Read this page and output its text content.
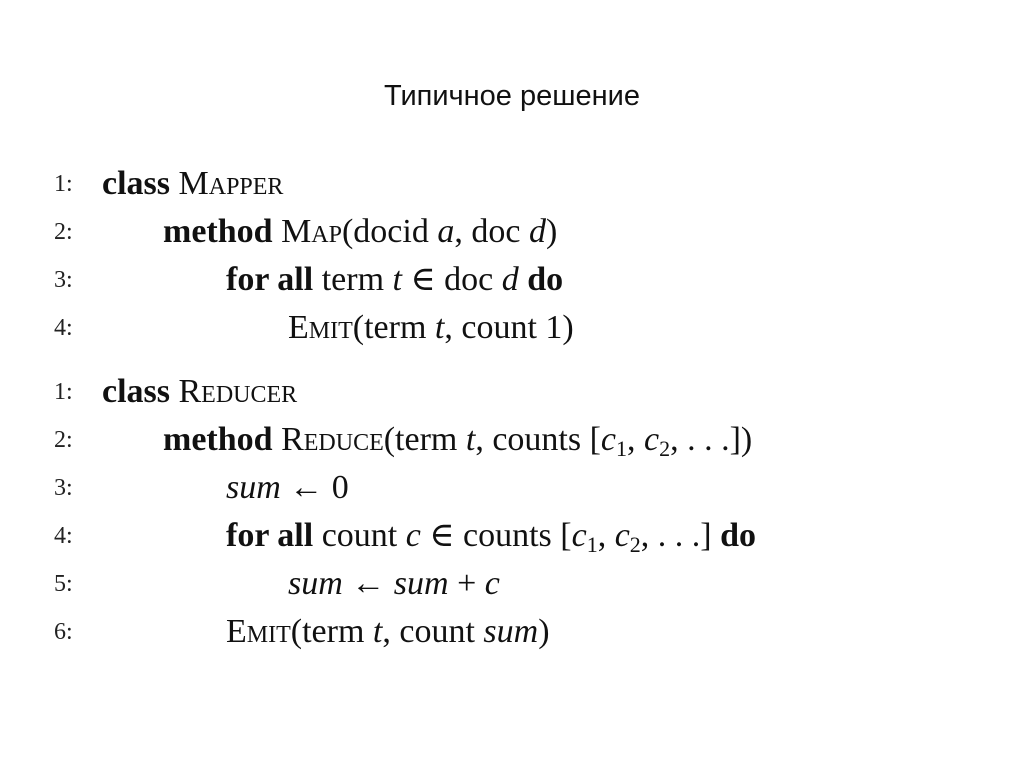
Типичное решение
1: class Mapper
2:	method Map(docid a, doc d)
3:	for all term t ∈ doc d do
4:	Emit(term t, count 1)
1: class Reducer
2:	method Reduce(term t, counts [$c_1$, $c_2$, . . .])
3:	sum ← 0
4:	for all count c ∈ counts [$c_1$, $c_2$, . . .] do
5:	sum ← sum + c
6:	Emit(term t, count sum)
